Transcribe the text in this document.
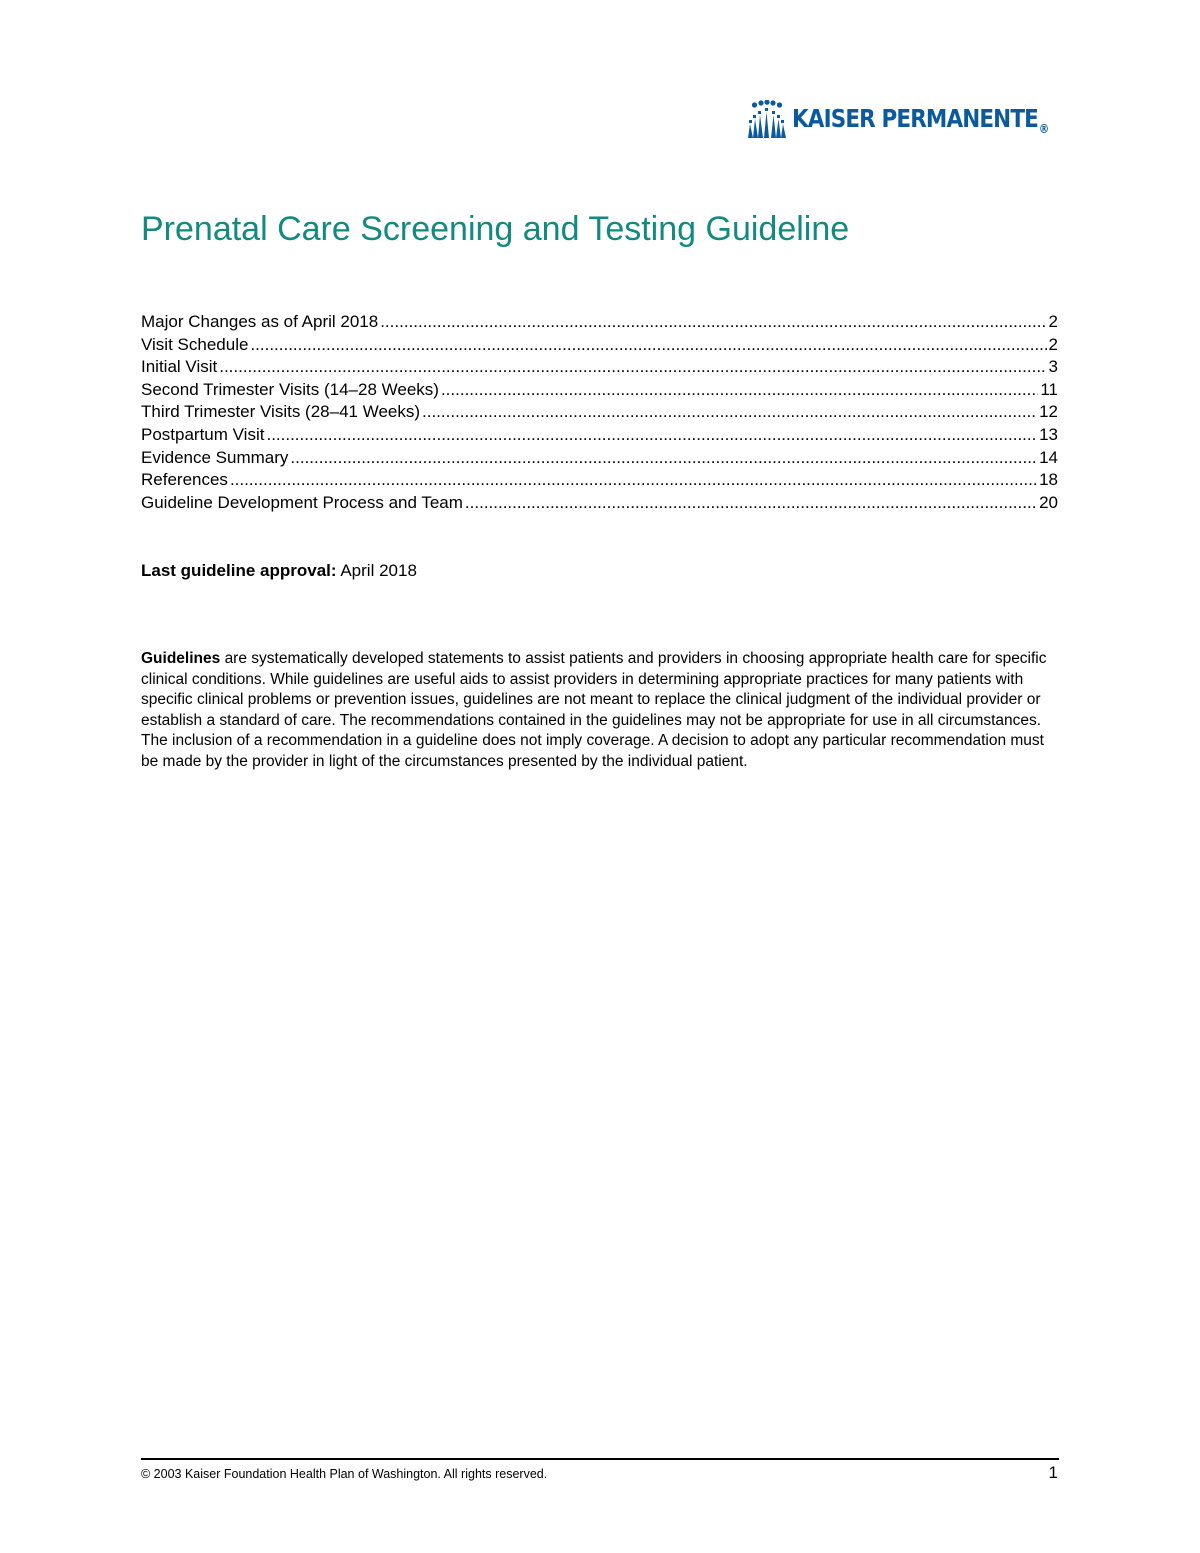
KAISER $PERMANENTE_®$
Prenatal Care Screening and Testing Guideline
Major Changes as of April 2018 .....	2
Visit Schedule .....	2
Initial Visit .....	3
Second Trimester Visits (14–28 Weeks) .....	11
Third Trimester Visits (28–41 Weeks) .....	12
Postpartum Visit .....	13
Evidence Summary .....	14
References .....	18
Guideline Development Process and Team .....	20

Last guideline approval: April 2018

Guidelines are systematically developed statements to assist patients and providers in choosing appropriate health care for specific clinical conditions. While guidelines are useful aids to assist providers in determining appropriate practices for many patients with specific clinical problems or prevention issues, guidelines are not meant to replace the clinical judgment of the individual provider or establish a standard of care. The recommendations contained in the guidelines may not be appropriate for use in all circumstances. The inclusion of a recommendation in a guideline does not imply coverage. A decision to adopt any particular recommendation must be made by the provider in light of the circumstances presented by the individual patient.

© 2003 Kaiser Foundation Health Plan of Washington. All rights reserved.	1
